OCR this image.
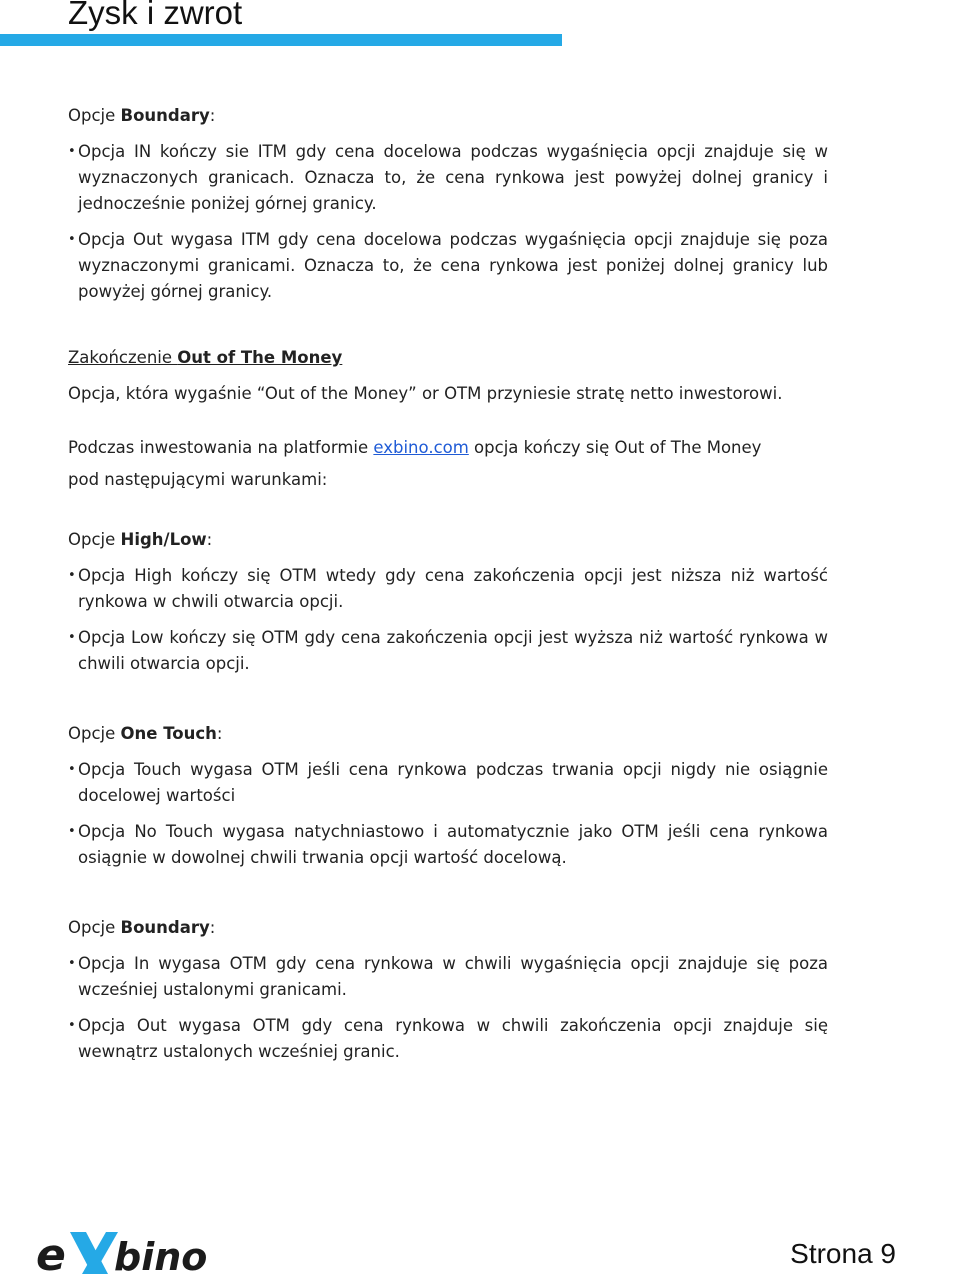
Zysk i zwrot

Opcje Boundary:

• Opcja IN kończy sie ITM gdy cena docelowa podczas wygaśnięcia opcji znajduje się w wyznaczonych granicach. Oznacza to, że cena rynkowa jest powyżej dolnej granicy i jednocześnie poniżej górnej granicy.
• Opcja Out wygasa ITM gdy cena docelowa podczas wygaśnięcia opcji znajduje się poza wyznaczonymi granicami. Oznacza to, że cena rynkowa jest poniżej dolnej granicy lub powyżej górnej granicy.

Zakończenie Out of The Money

Opcja, która wygaśnie “Out of the Money” or OTM przyniesie stratę netto inwestorowi.

Podczas inwestowania na platformie exbino.com opcja kończy się Out of The Money

pod następującymi warunkami:

Opcje High/Low:

• Opcja High kończy się OTM wtedy gdy cena zakończenia opcji jest niższa niż wartość rynkowa w chwili otwarcia opcji.
• Opcja Low kończy się OTM gdy cena zakończenia opcji jest wyższa niż wartość rynkowa w chwili otwarcia opcji.

Opcje One Touch:

• Opcja Touch wygasa OTM jeśli cena rynkowa podczas trwania opcji nigdy nie osiągnie docelowej wartości
• Opcja No Touch wygasa natychniastowo i automatycznie jako OTM jeśli cena rynkowa osiągnie w dowolnej chwili trwania opcji wartość docelową.

Opcje Boundary:

• Opcja In wygasa OTM gdy cena rynkowa w chwili wygaśnięcia opcji znajduje się poza wcześniej ustalonymi granicami.
• Opcja Out wygasa OTM gdy cena rynkowa w chwili zakończenia opcji znajduje się wewnątrz ustalonych wcześniej granic.
e bino	Strona 9
